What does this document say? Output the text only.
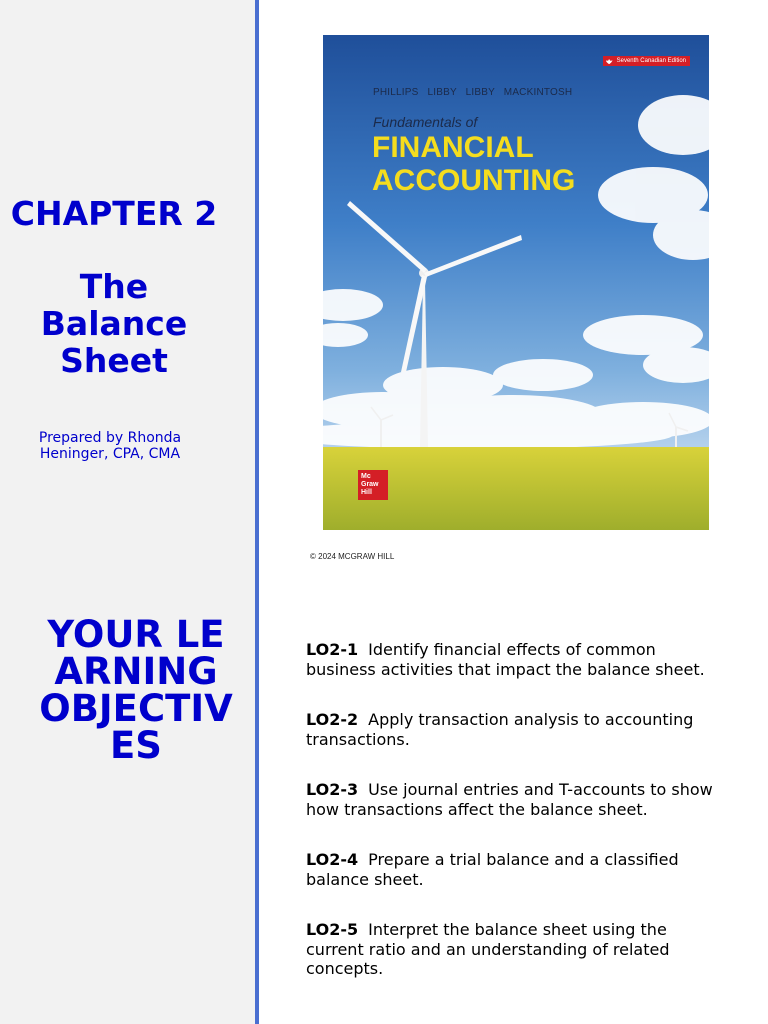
CHAPTER 2
The
Balance
Sheet
Prepared by Rhonda Heninger, CPA, CMA
YOUR LEARNING OBJECTIVES
Seventh Canadian Edition
PHILLIPS LIBBY LIBBY MACKINTOSH
Fundamentals of
FINANCIAL
ACCOUNTING
Mc Graw Hill
© 2024 MCGRAW HILL
LO2-1 Identify financial effects of common business activities that impact the balance sheet.
LO2-2 Apply transaction analysis to accounting transactions.
LO2-3 Use journal entries and T-accounts to show how transactions affect the balance sheet.
LO2-4 Prepare a trial balance and a classified balance sheet.
LO2-5 Interpret the balance sheet using the current ratio and an understanding of related concepts.
